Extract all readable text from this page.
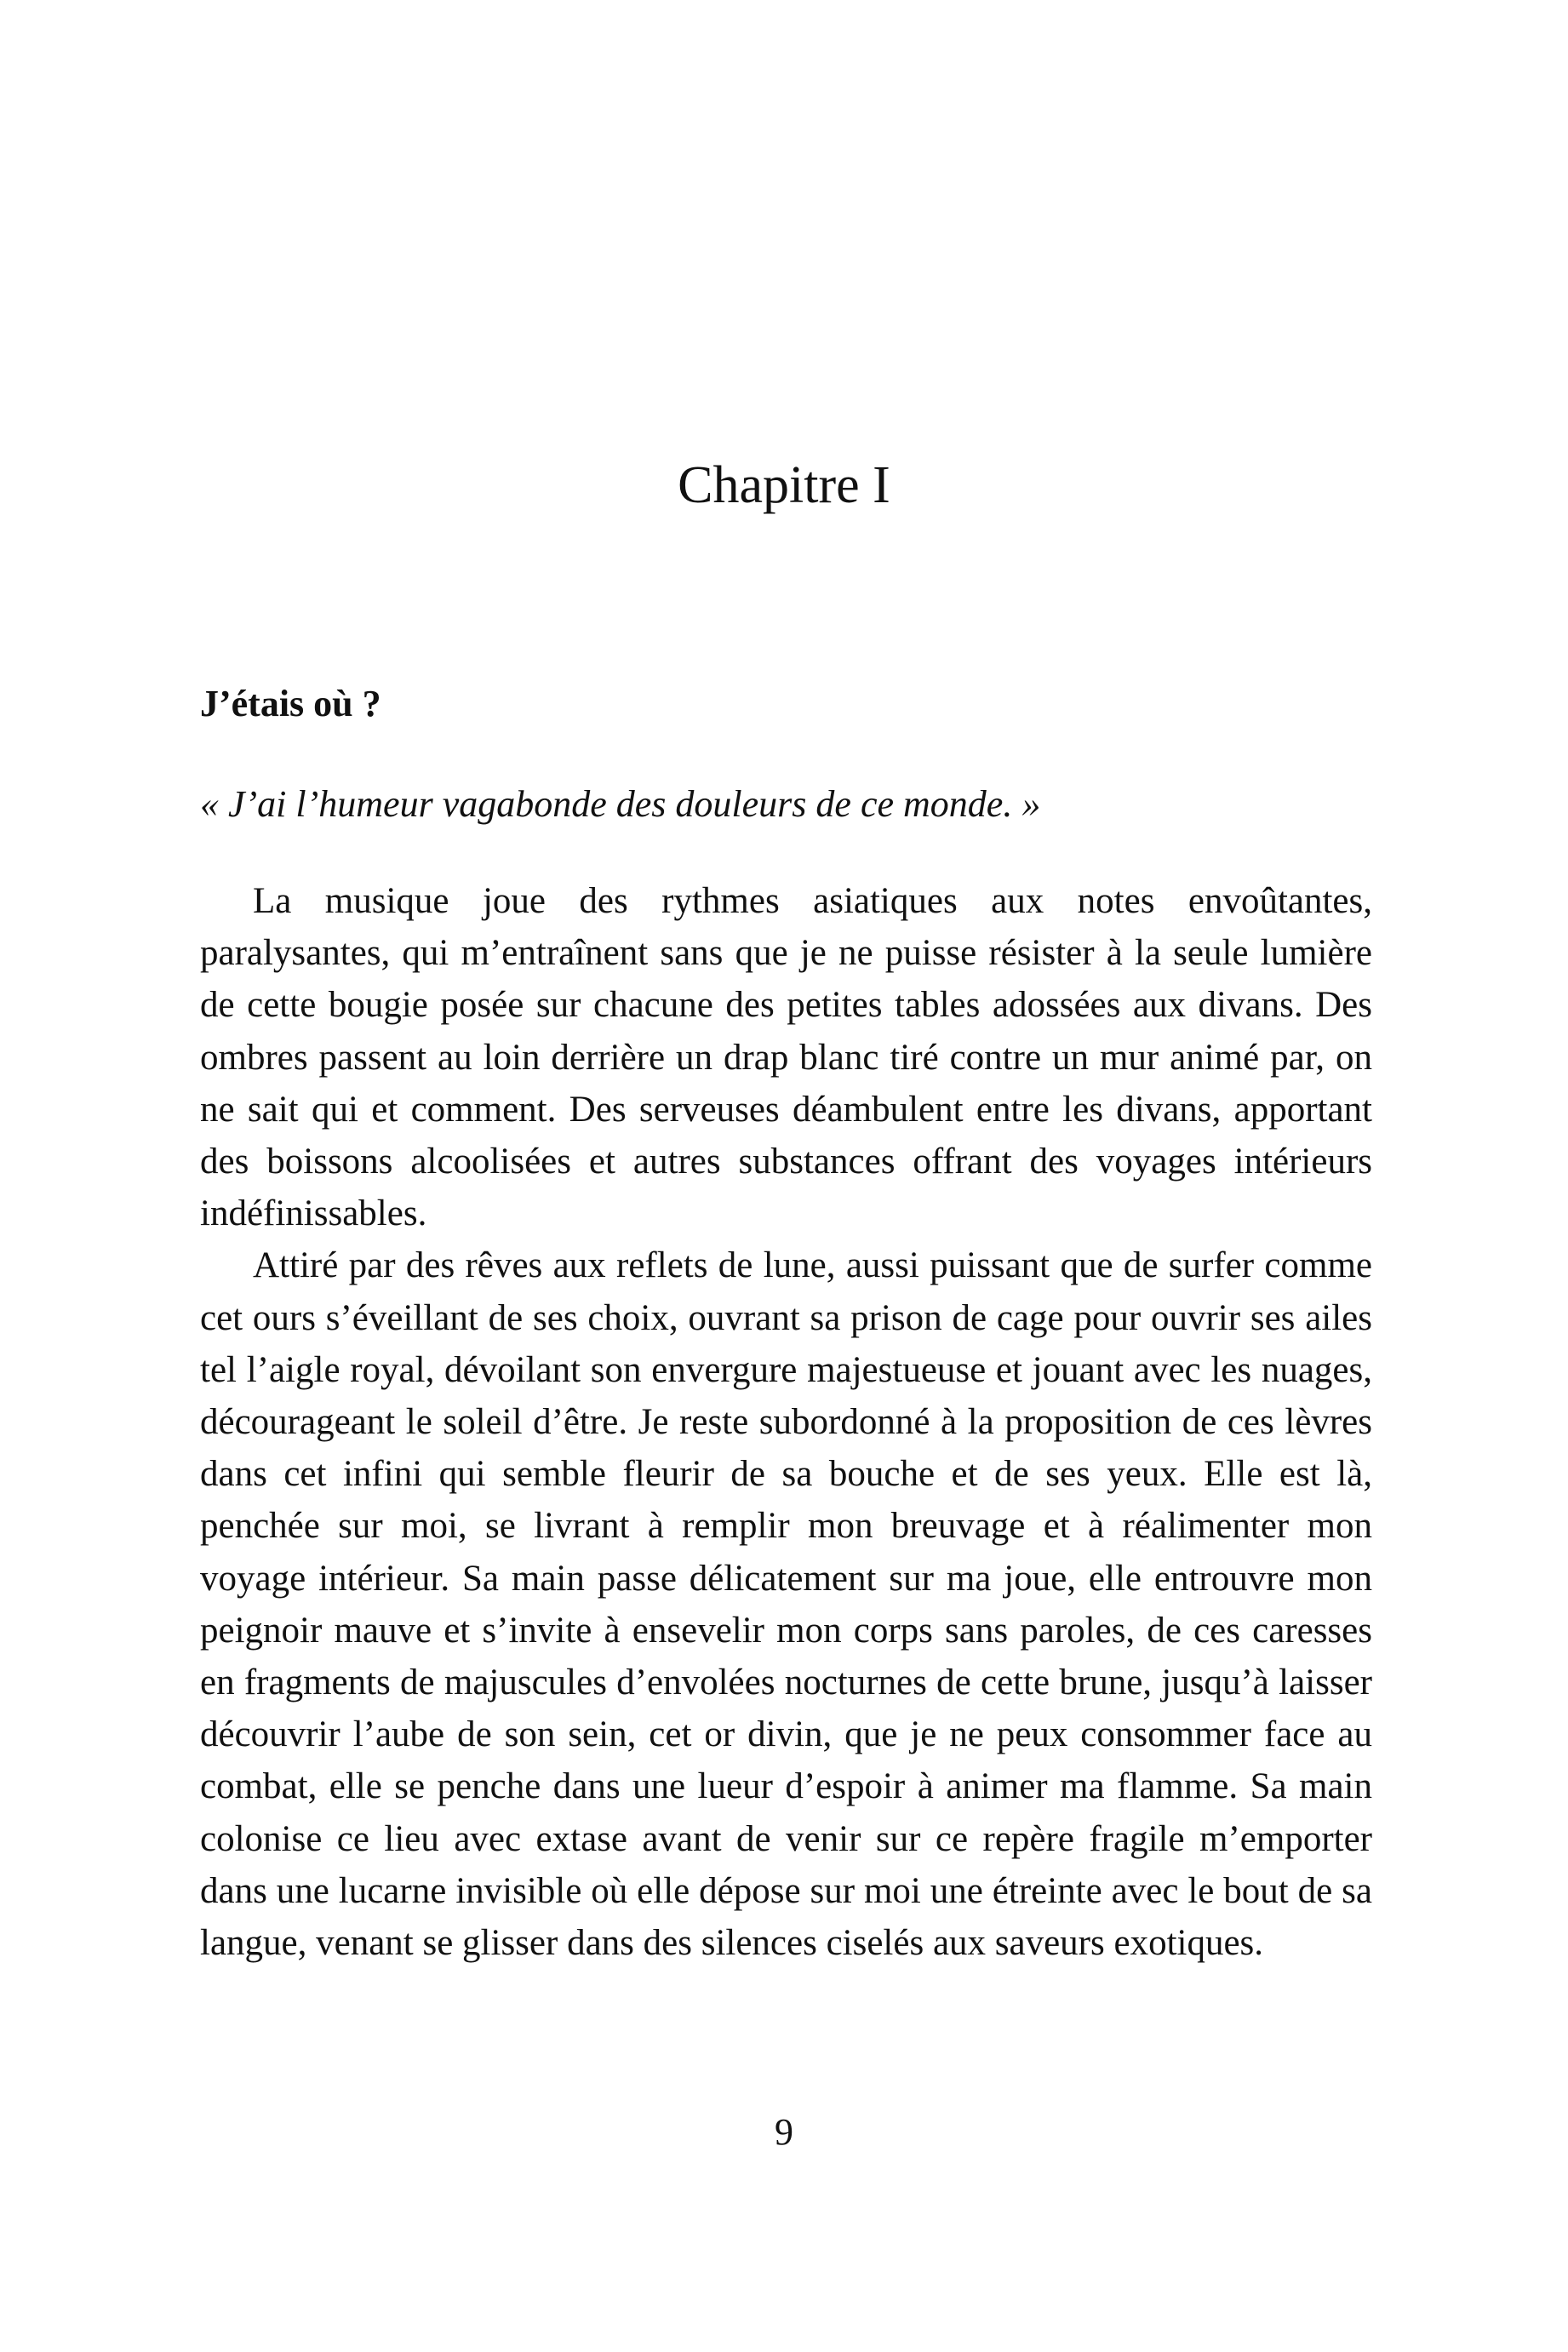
Chapitre I
J’étais où ?

« J’ai l’humeur vagabonde des douleurs de ce monde. »

La musique joue des rythmes asiatiques aux notes envoûtantes, paralysantes, qui m’entraînent sans que je ne puisse résister à la seule lumière de cette bougie posée sur chacune des petites tables adossées aux divans. Des ombres passent au loin derrière un drap blanc tiré contre un mur animé par, on ne sait qui et comment. Des serveuses déambulent entre les divans, apportant des boissons alcoolisées et autres substances offrant des voyages intérieurs indéfinissables.

Attiré par des rêves aux reflets de lune, aussi puissant que de surfer comme cet ours s’éveillant de ses choix, ouvrant sa prison de cage pour ouvrir ses ailes tel l’aigle royal, dévoilant son envergure majestueuse et jouant avec les nuages, décourageant le soleil d’être. Je reste subordonné à la proposition de ces lèvres dans cet infini qui semble fleurir de sa bouche et de ses yeux. Elle est là, penchée sur moi, se livrant à remplir mon breuvage et à réalimenter mon voyage intérieur. Sa main passe délicatement sur ma joue, elle entrouvre mon peignoir mauve et s’invite à ensevelir mon corps sans paroles, de ces caresses en fragments de majuscules d’envolées nocturnes de cette brune, jusqu’à laisser découvrir l’aube de son sein, cet or divin, que je ne peux consommer face au combat, elle se penche dans une lueur d’espoir à animer ma flamme. Sa main colonise ce lieu avec extase avant de venir sur ce repère fragile m’emporter dans une lucarne invisible où elle dépose sur moi une étreinte avec le bout de sa langue, venant se glisser dans des silences ciselés aux saveurs exotiques.

9
